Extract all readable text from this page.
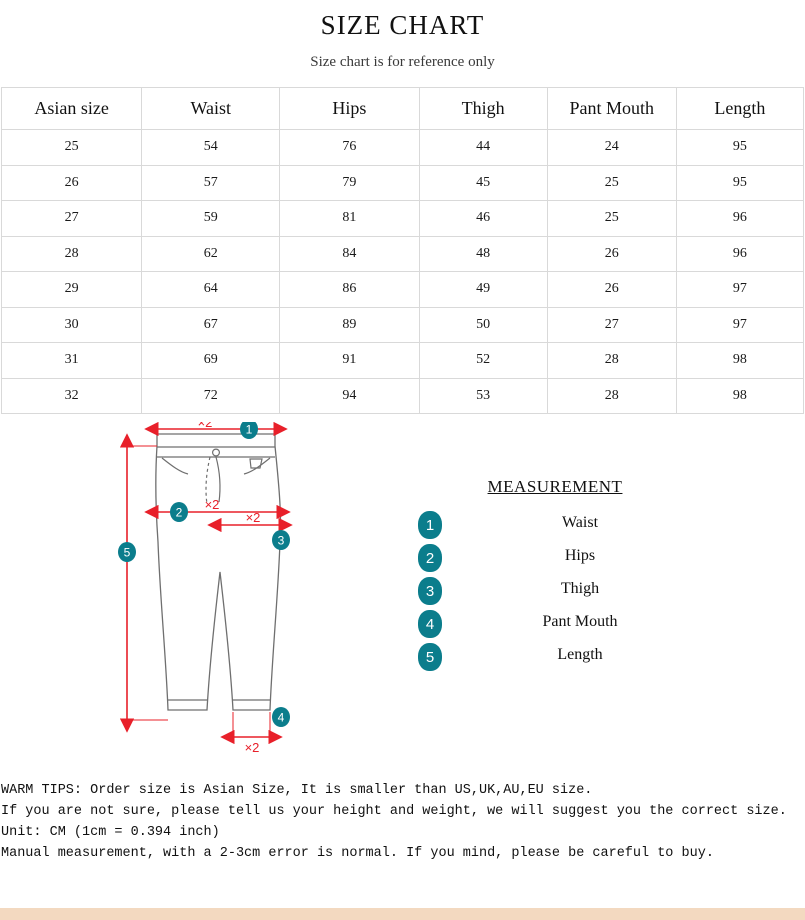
SIZE CHART
Size chart is for reference only
Asian size	Waist	Hips	Thigh	Pant Mouth	Length
25	54	76	44	24	95
26	57	79	45	25	95
27	59	81	46	25	96
28	62	84	48	26	96
29	64	86	49	26	97
30	67	89	50	27	97
31	69	91	52	28	98
32	72	94	53	28	98
×2
×2
×2
×2
1
2
3
4
5
MEASUREMENT
1	Waist
2	Hips
3	Thigh
4	Pant Mouth
5	Length
WARM TIPS: Order size is Asian Size, It is smaller than US,UK,AU,EU size.
If you are not sure, please tell us your height and weight, we will suggest you the correct size.
Unit: CM (1cm = 0.394 inch)
Manual measurement, with a 2-3cm error is normal. If you mind, please be careful to buy.
